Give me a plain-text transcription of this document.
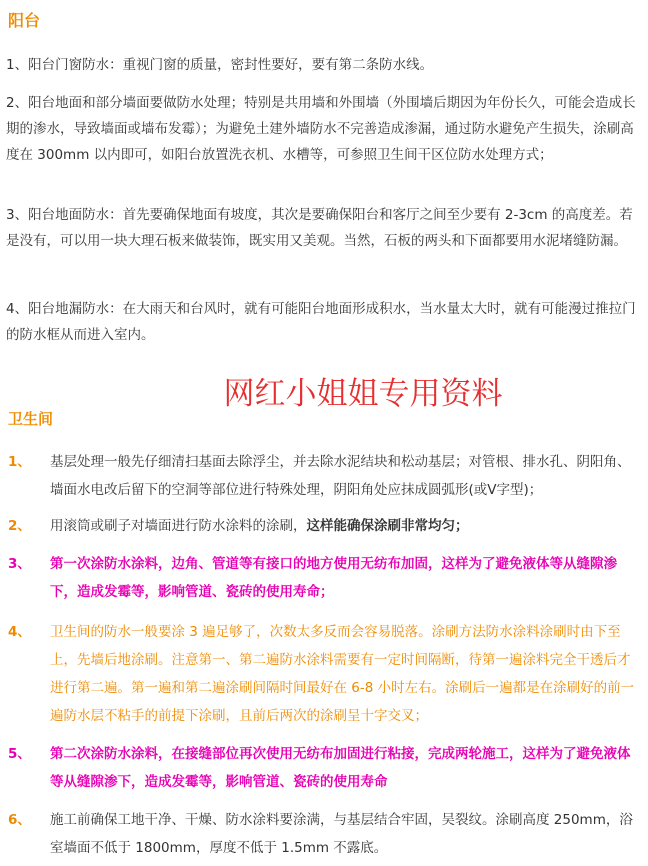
阳台
1、阳台门窗防水：重视门窗的质量，密封性要好，要有第二条防水线。
2、阳台地面和部分墙面要做防水处理；特别是共用墙和外围墙（外围墙后期因为年份长久，可能会造成长期的渗水，导致墙面或墙布发霉）；为避免土建外墙防水不完善造成渗漏，通过防水避免产生损失，涂刷高度在 300mm 以内即可，如阳台放置洗衣机、水槽等，可参照卫生间干区位防水处理方式；
3、阳台地面防水：首先要确保地面有坡度，其次是要确保阳台和客厅之间至少要有 2-3cm 的高度差。若是没有，可以用一块大理石板来做装饰，既实用又美观。当然，石板的两头和下面都要用水泥堵缝防漏。
4、阳台地漏防水：在大雨天和台风时，就有可能阳台地面形成积水，当水量太大时，就有可能漫过推拉门的防水框从而进入室内。
网红小姐姐专用资料
卫生间
1、	基层处理一般先仔细清扫基面去除浮尘，并去除水泥结块和松动基层；对管根、排水孔、阴阳角、墙面水电改后留下的空洞等部位进行特殊处理，阴阳角处应抹成圆弧形(或V字型)；
2、	用滚筒或刷子对墙面进行防水涂料的涂刷，这样能确保涂刷非常均匀；
3、	第一次涂防水涂料，边角、管道等有接口的地方使用无纺布加固，这样为了避免液体等从缝隙渗下，造成发霉等，影响管道、瓷砖的使用寿命；
4、	卫生间的防水一般要涂 3 遍足够了，次数太多反而会容易脱落。涂刷方法防水涂料涂刷时由下至上，先墙后地涂刷。注意第一、第二遍防水涂料需要有一定时间隔断，待第一遍涂料完全干透后才进行第二遍。第一遍和第二遍涂刷间隔时间最好在 6-8 小时左右。涂刷后一遍都是在涂刷好的前一遍防水层不粘手的前提下涂刷，且前后两次的涂刷呈十字交叉；
5、	第二次涂防水涂料，在接缝部位再次使用无纺布加固进行粘接，完成两轮施工，这样为了避免液体等从缝隙渗下，造成发霉等，影响管道、瓷砖的使用寿命
6、	施工前确保工地干净、干燥、防水涂料要涂满，与基层结合牢固，吴裂纹。涂刷高度 250mm，浴 室墙面不低于 1800mm，厚度不低于 1.5mm 不露底。
